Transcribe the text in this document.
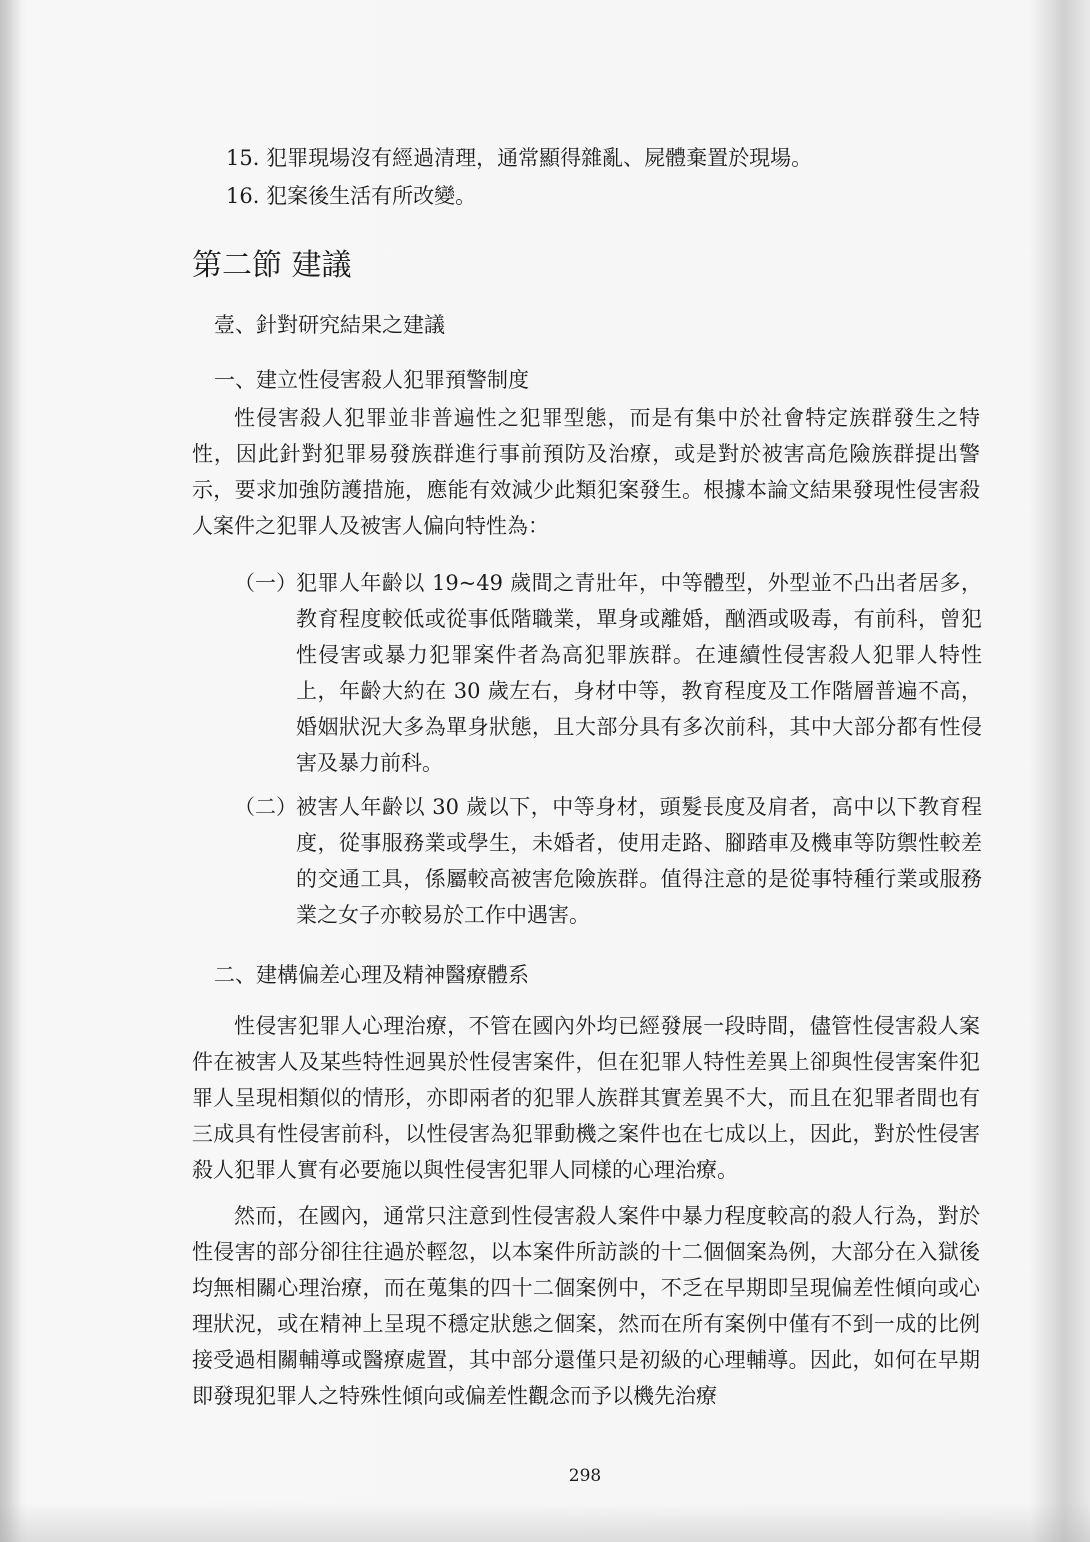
15. 犯罪現場沒有經過清理，通常顯得雜亂、屍體棄置於現場。
16. 犯案後生活有所改變。
第二節 建議
壹、針對研究結果之建議
一、建立性侵害殺人犯罪預警制度

性侵害殺人犯罪並非普遍性之犯罪型態，而是有集中於社會特定族群發生之特性，因此針對犯罪易發族群進行事前預防及治療，或是對於被害高危險族群提出警示，要求加強防護措施，應能有效減少此類犯案發生。根據本論文結果發現性侵害殺人案件之犯罪人及被害人偏向特性為：

（一） 犯罪人年齡以 19~49 歲間之青壯年，中等體型，外型並不凸出者居多，教育程度較低或從事低階職業，單身或離婚，酗酒或吸毒，有前科，曾犯性侵害或暴力犯罪案件者為高犯罪族群。在連續性侵害殺人犯罪人特性上，年齡大約在 30 歲左右，身材中等，教育程度及工作階層普遍不高，婚姻狀況大多為單身狀態，且大部分具有多次前科，其中大部分都有性侵害及暴力前科。
（二） 被害人年齡以 30 歲以下，中等身材，頭髮長度及肩者，高中以下教育程度，從事服務業或學生，未婚者，使用走路、腳踏車及機車等防禦性較差的交通工具，係屬較高被害危險族群。值得注意的是從事特種行業或服務業之女子亦較易於工作中遇害。
二、建構偏差心理及精神醫療體系

性侵害犯罪人心理治療，不管在國內外均已經發展一段時間，儘管性侵害殺人案件在被害人及某些特性迥異於性侵害案件，但在犯罪人特性差異上卻與性侵害案件犯罪人呈現相類似的情形，亦即兩者的犯罪人族群其實差異不大，而且在犯罪者間也有三成具有性侵害前科，以性侵害為犯罪動機之案件也在七成以上，因此，對於性侵害殺人犯罪人實有必要施以與性侵害犯罪人同樣的心理治療。

然而，在國內，通常只注意到性侵害殺人案件中暴力程度較高的殺人行為，對於性侵害的部分卻往往過於輕忽，以本案件所訪談的十二個個案為例，大部分在入獄後均無相關心理治療，而在蒐集的四十二個案例中，不乏在早期即呈現偏差性傾向或心理狀況，或在精神上呈現不穩定狀態之個案，然而在所有案例中僅有不到一成的比例接受過相關輔導或醫療處置，其中部分還僅只是初級的心理輔導。因此，如何在早期即發現犯罪人之特殊性傾向或偏差性觀念而予以機先治療

298
